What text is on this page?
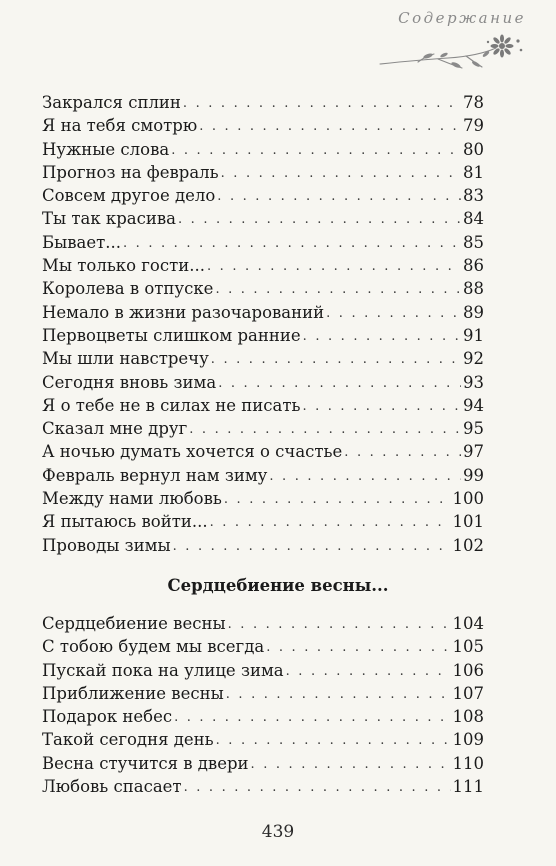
Содержание
Закрался сплин . . .	78
Я на тебя смотрю . . .	79
Нужные слова . . .	80
Прогноз на февраль . . .	81
Совсем другое дело . . .	83
Ты так красива . . .	84
Бывает... . . .	85
Мы только гости... . . .	86
Королева в отпуске . . .	88
Немало в жизни разочарований . . .	89
Первоцветы слишком ранние . . .	91
Мы шли навстречу . . .	92
Сегодня вновь зима . . .	93
Я о тебе не в силах не писать . . .	94
Сказал мне друг . . .	95
А ночью думать хочется о счастье . . .	97
Февраль вернул нам зиму . . .	99
Между нами любовь . . .	100
Я пытаюсь войти... . . .	101
Проводы зимы . . .	102
Сердцебиение весны...
Сердцебиение весны . . .	104
С тобою будем мы всегда . . .	105
Пускай пока на улице зима . . .	106
Приближение весны . . .	107
Подарок небес . . .	108
Такой сегодня день . . .	109
Весна стучится в двери . . .	110
Любовь спасает . . .	111
439
